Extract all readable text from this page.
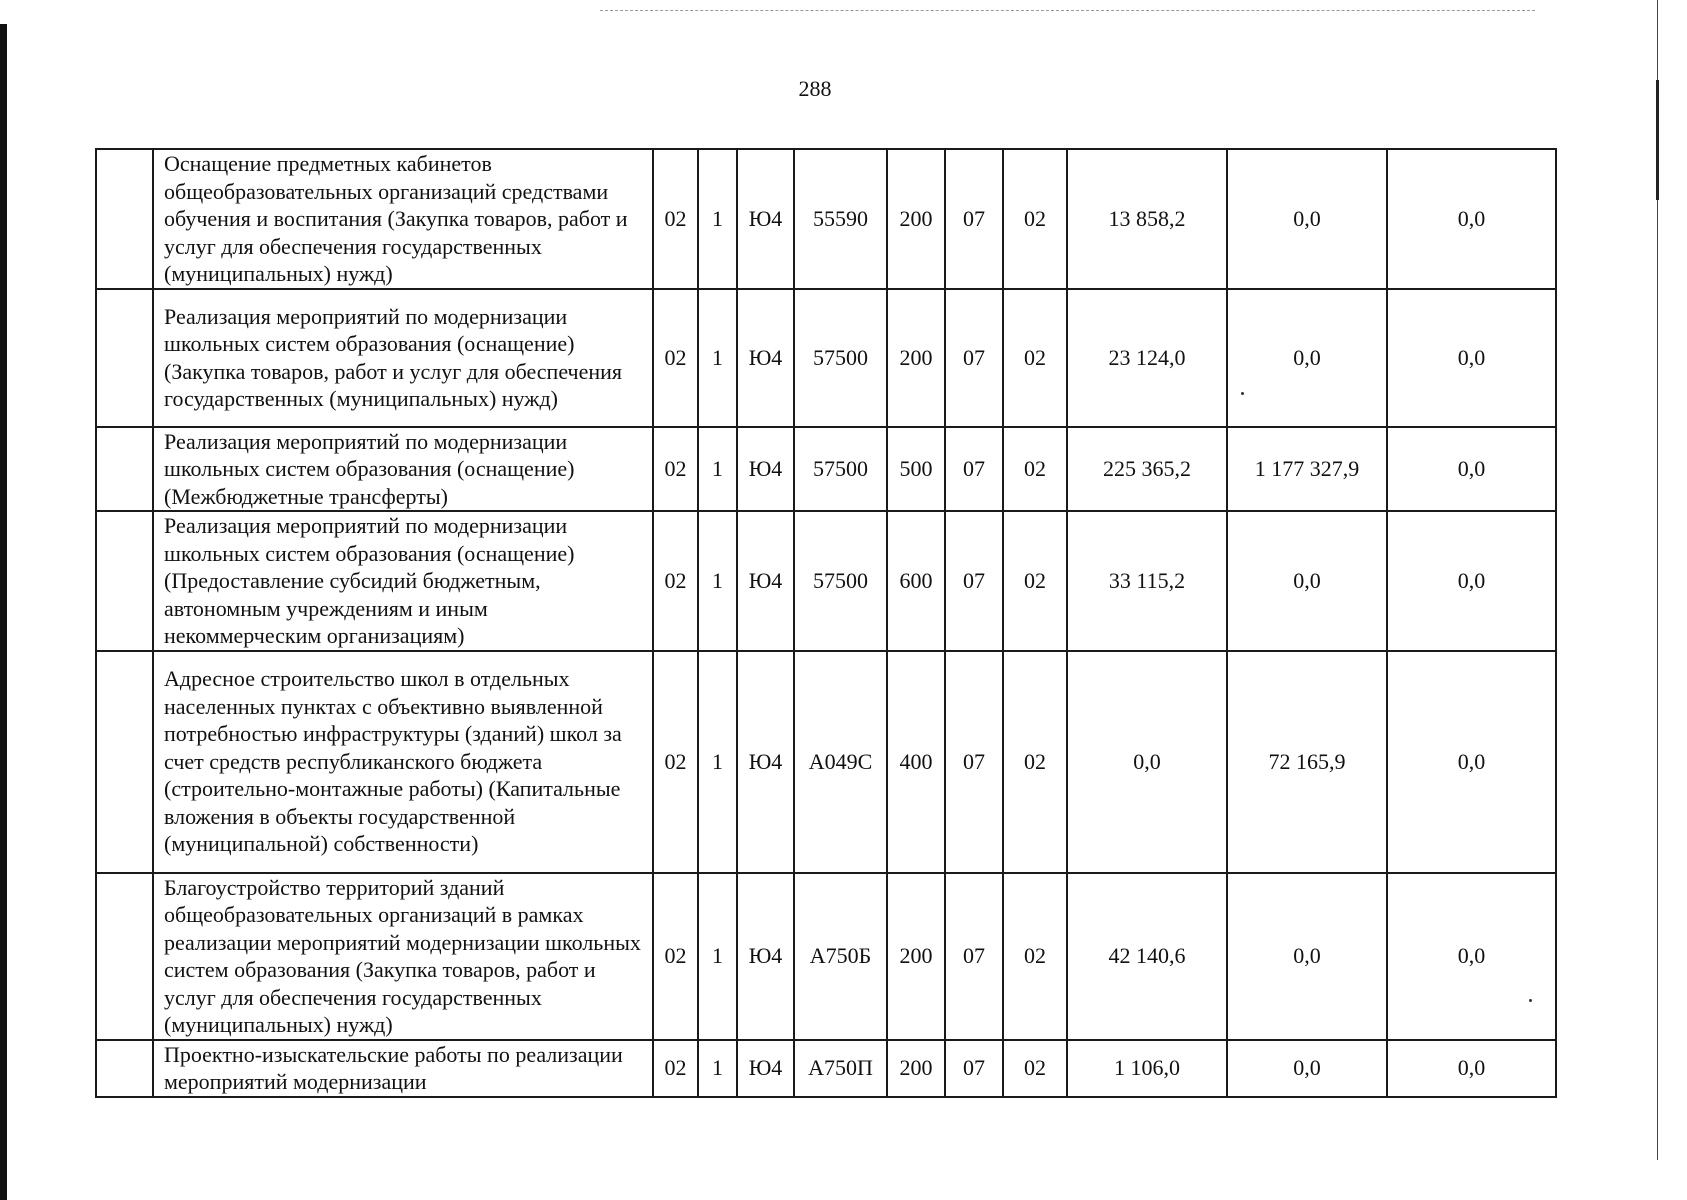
288
	Оснащение предметных кабинетов общеобразовательных организаций средствами обучения и воспитания (Закупка товаров, работ и услуг для обеспечения государственных (муниципальных) нужд)	02	1	Ю4	55590	200	07	02	13 858,2	0,0	0,0
	Реализация мероприятий по модернизации школьных систем образования (оснащение) (Закупка товаров, работ и услуг для обеспечения государственных (муниципальных) нужд)	02	1	Ю4	57500	200	07	02	23 124,0	0,0	0,0
	Реализация мероприятий по модернизации школьных систем образования (оснащение) (Межбюджетные трансферты)	02	1	Ю4	57500	500	07	02	225 365,2	1 177 327,9	0,0
	Реализация мероприятий по модернизации школьных систем образования (оснащение) (Предоставление субсидий бюджетным, автономным учреждениям и иным некоммерческим организациям)	02	1	Ю4	57500	600	07	02	33 115,2	0,0	0,0
	Адресное строительство школ в отдельных населенных пунктах с объективно выявленной потребностью инфраструктуры (зданий) школ за счет средств республиканского бюджета (строительно-монтажные работы) (Капитальные вложения в объекты государственной (муниципальной) собственности)	02	1	Ю4	А049С	400	07	02	0,0	72 165,9	0,0
	Благоустройство территорий зданий общеобразовательных организаций в рамках реализации мероприятий модернизации школьных систем образования (Закупка товаров, работ и услуг для обеспечения государственных (муниципальных) нужд)	02	1	Ю4	А750Б	200	07	02	42 140,6	0,0	0,0
	Проектно-изыскательские работы по реализации мероприятий модернизации	02	1	Ю4	А750П	200	07	02	1 106,0	0,0	0,0
